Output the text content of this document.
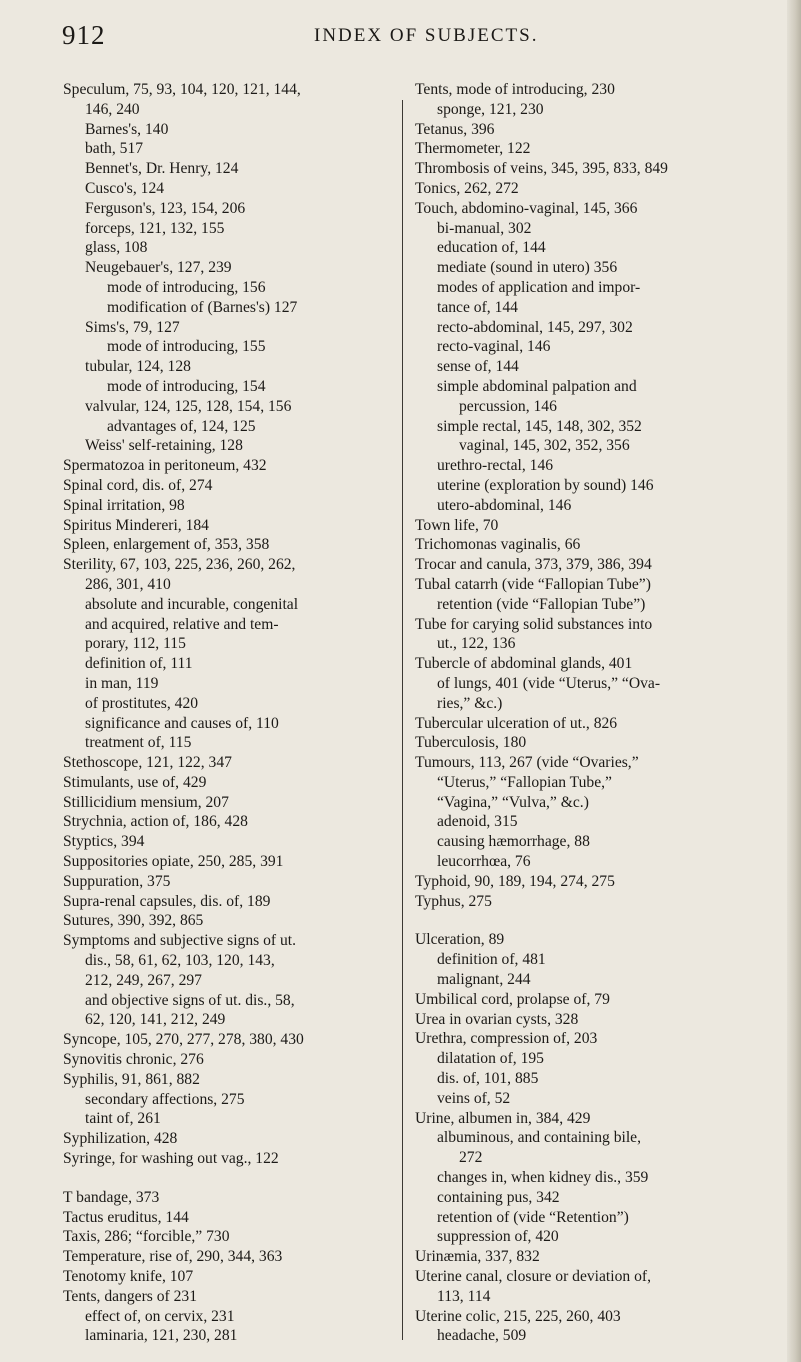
912	INDEX OF SUBJECTS.
Speculum, 75, 93, 104, 120, 121, 144,
146, 240
Barnes's, 140
bath, 517
Bennet's, Dr. Henry, 124
Cusco's, 124
Ferguson's, 123, 154, 206
forceps, 121, 132, 155
glass, 108
Neugebauer's, 127, 239
mode of introducing, 156
modification of (Barnes's) 127
Sims's, 79, 127
mode of introducing, 155
tubular, 124, 128
mode of introducing, 154
valvular, 124, 125, 128, 154, 156
advantages of, 124, 125
Weiss' self-retaining, 128
Spermatozoa in peritoneum, 432
Spinal cord, dis. of, 274
Spinal irritation, 98
Spiritus Mindereri, 184
Spleen, enlargement of, 353, 358
Sterility, 67, 103, 225, 236, 260, 262,
286, 301, 410
absolute and incurable, congenital
and acquired, relative and tem-
porary, 112, 115
definition of, 111
in man, 119
of prostitutes, 420
significance and causes of, 110
treatment of, 115
Stethoscope, 121, 122, 347
Stimulants, use of, 429
Stillicidium mensium, 207
Strychnia, action of, 186, 428
Styptics, 394
Suppositories opiate, 250, 285, 391
Suppuration, 375
Supra-renal capsules, dis. of, 189
Sutures, 390, 392, 865
Symptoms and subjective signs of ut.
dis., 58, 61, 62, 103, 120, 143,
212, 249, 267, 297
and objective signs of ut. dis., 58,
62, 120, 141, 212, 249
Syncope, 105, 270, 277, 278, 380, 430
Synovitis chronic, 276
Syphilis, 91, 861, 882
secondary affections, 275
taint of, 261
Syphilization, 428
Syringe, for washing out vag., 122
T bandage, 373
Tactus eruditus, 144
Taxis, 286; “forcible,” 730
Temperature, rise of, 290, 344, 363
Tenotomy knife, 107
Tents, dangers of 231
effect of, on cervix, 231
laminaria, 121, 230, 281
Tents, mode of introducing, 230
sponge, 121, 230
Tetanus, 396
Thermometer, 122
Thrombosis of veins, 345, 395, 833, 849
Tonics, 262, 272
Touch, abdomino-vaginal, 145, 366
bi-manual, 302
education of, 144
mediate (sound in utero) 356
modes of application and impor-
tance of, 144
recto-abdominal, 145, 297, 302
recto-vaginal, 146
sense of, 144
simple abdominal palpation and
percussion, 146
simple rectal, 145, 148, 302, 352
vaginal, 145, 302, 352, 356
urethro-rectal, 146
uterine (exploration by sound) 146
utero-abdominal, 146
Town life, 70
Trichomonas vaginalis, 66
Trocar and canula, 373, 379, 386, 394
Tubal catarrh (vide “Fallopian Tube”)
retention (vide “Fallopian Tube”)
Tube for carying solid substances into
ut., 122, 136
Tubercle of abdominal glands, 401
of lungs, 401 (vide “Uterus,” “Ova-
ries,” &c.)
Tubercular ulceration of ut., 826
Tuberculosis, 180
Tumours, 113, 267 (vide “Ovaries,”
“Uterus,” “Fallopian Tube,”
“Vagina,” “Vulva,” &c.)
adenoid, 315
causing hæmorrhage, 88
leucorrhœa, 76
Typhoid, 90, 189, 194, 274, 275
Typhus, 275
Ulceration, 89
definition of, 481
malignant, 244
Umbilical cord, prolapse of, 79
Urea in ovarian cysts, 328
Urethra, compression of, 203
dilatation of, 195
dis. of, 101, 885
veins of, 52
Urine, albumen in, 384, 429
albuminous, and containing bile,
272
changes in, when kidney dis., 359
containing pus, 342
retention of (vide “Retention”)
suppression of, 420
Urinæmia, 337, 832
Uterine canal, closure or deviation of,
113, 114
Uterine colic, 215, 225, 260, 403
headache, 509
